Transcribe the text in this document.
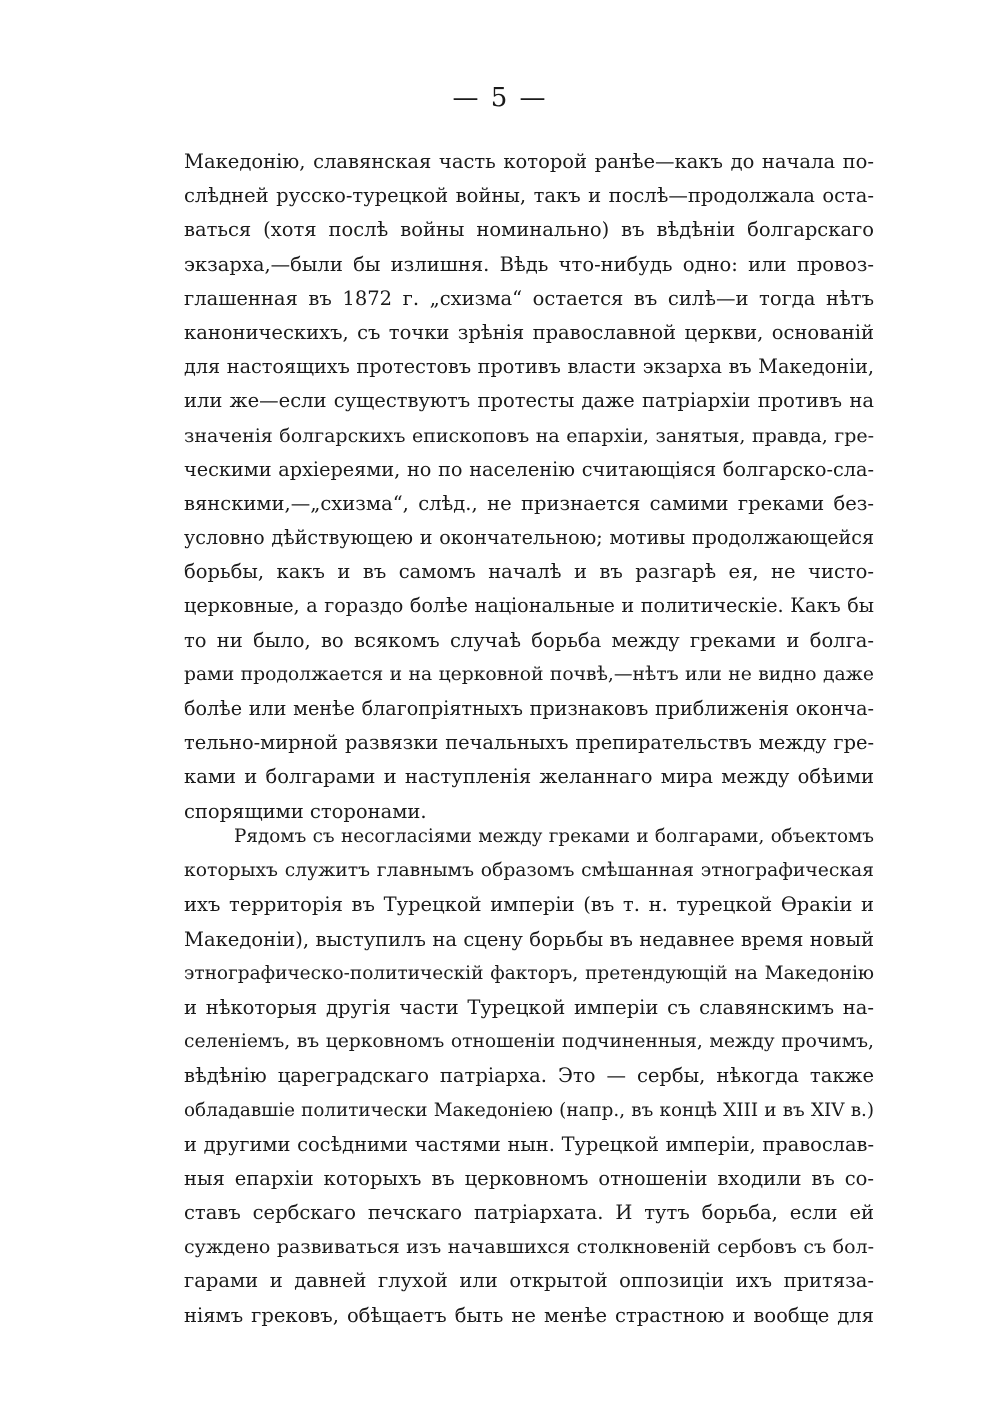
— 5 —
Македонію, славянская часть которой ранѣе—какъ до начала по-
слѣдней русско-турецкой войны, такъ и послѣ—продолжала оста-
ваться (хотя послѣ войны номинально) въ вѣдѣніи болгарскаго
экзарха,—были бы излишня. Вѣдь что-нибудь одно: или провоз-
глашенная въ 1872 г. „схизма“ остается въ силѣ—и тогда нѣтъ
каноническихъ, съ точки зрѣнія православной церкви, основаній
для настоящихъ протестовъ противъ власти экзарха въ Македоніи,
или же—если существуютъ протесты даже патріархіи противъ на
значенія болгарскихъ епископовъ на епархіи, занятыя, правда, гре-
ческими архіереями, но по населенію считающіяся болгарско-сла-
вянскими,—„схизма“, слѣд., не признается самими греками без-
условно дѣйствующею и окончательною; мотивы продолжающейся
борьбы, какъ и въ самомъ началѣ и въ разгарѣ ея, не чисто-
церковные, а гораздо болѣе національные и политическіе. Какъ бы
то ни было, во всякомъ случаѣ борьба между греками и болга-
рами продолжается и на церковной почвѣ,—нѣтъ или не видно даже
болѣе или менѣе благопріятныхъ признаковъ приближенія оконча-
тельно-мирной развязки печальныхъ препирательствъ между гре-
ками и болгарами и наступленія желаннаго мира между обѣими
спорящими сторонами.
Рядомъ съ несогласіями между греками и болгарами, объектомъ
которыхъ служитъ главнымъ образомъ смѣшанная этнографическая
ихъ территорія въ Турецкой имперіи (въ т. н. турецкой Ѳракіи и
Македоніи), выступилъ на сцену борьбы въ недавнее время новый
этнографическо-политическій факторъ, претендующій на Македонію
и нѣкоторыя другія части Турецкой имперіи съ славянскимъ на-
селеніемъ, въ церковномъ отношеніи подчиненныя, между прочимъ,
вѣдѣнію цареградскаго патріарха. Это — сербы, нѣкогда также
обладавшіе политически Македоніею (напр., въ концѣ XIII и въ XIV в.)
и другими сосѣдними частями нын. Турецкой имперіи, православ-
ныя епархіи которыхъ въ церковномъ отношеніи входили въ со-
ставъ сербскаго печскаго патріархата. И тутъ борьба, если ей
суждено развиваться изъ начавшихся столкновеній сербовъ съ бол-
гарами и давней глухой или открытой оппозиціи ихъ притяза-
ніямъ грековъ, обѣщаетъ быть не менѣе страстною и вообще для
